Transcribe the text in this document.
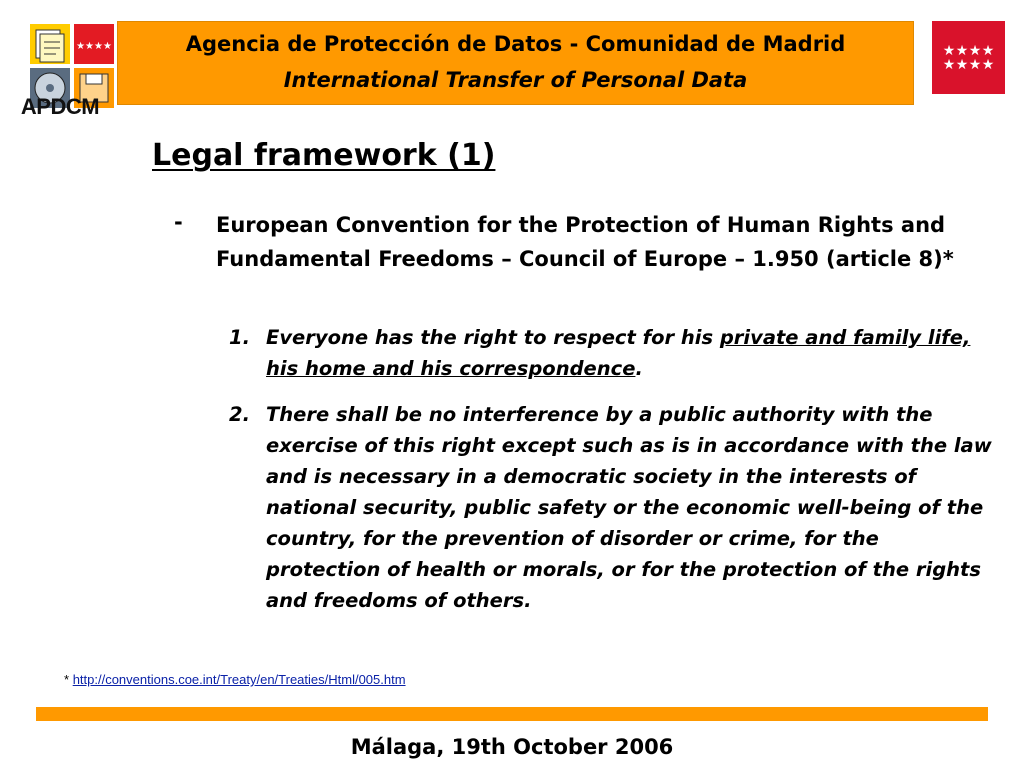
★★★★
APDCM
Agencia de Protección de Datos - Comunidad de Madrid
International Transfer of Personal Data
★ ★ ★ ★
★ ★ ★ ★
Legal framework (1)
- European Convention for the Protection of Human Rights and Fundamental Freedoms – Council of Europe – 1.950 (article 8)*
1. Everyone has the right to respect for his private and family life, his home and his correspondence.
2. There shall be no interference by a public authority with the exercise of this right except such as is in accordance with the law and is necessary in a democratic society in the interests of national security, public safety or the economic well-being of the country, for the prevention of disorder or crime, for the protection of health or morals, or for the protection of the rights and freedoms of others.
* http://conventions.coe.int/Treaty/en/Treaties/Html/005.htm
Málaga, 19th October 2006
